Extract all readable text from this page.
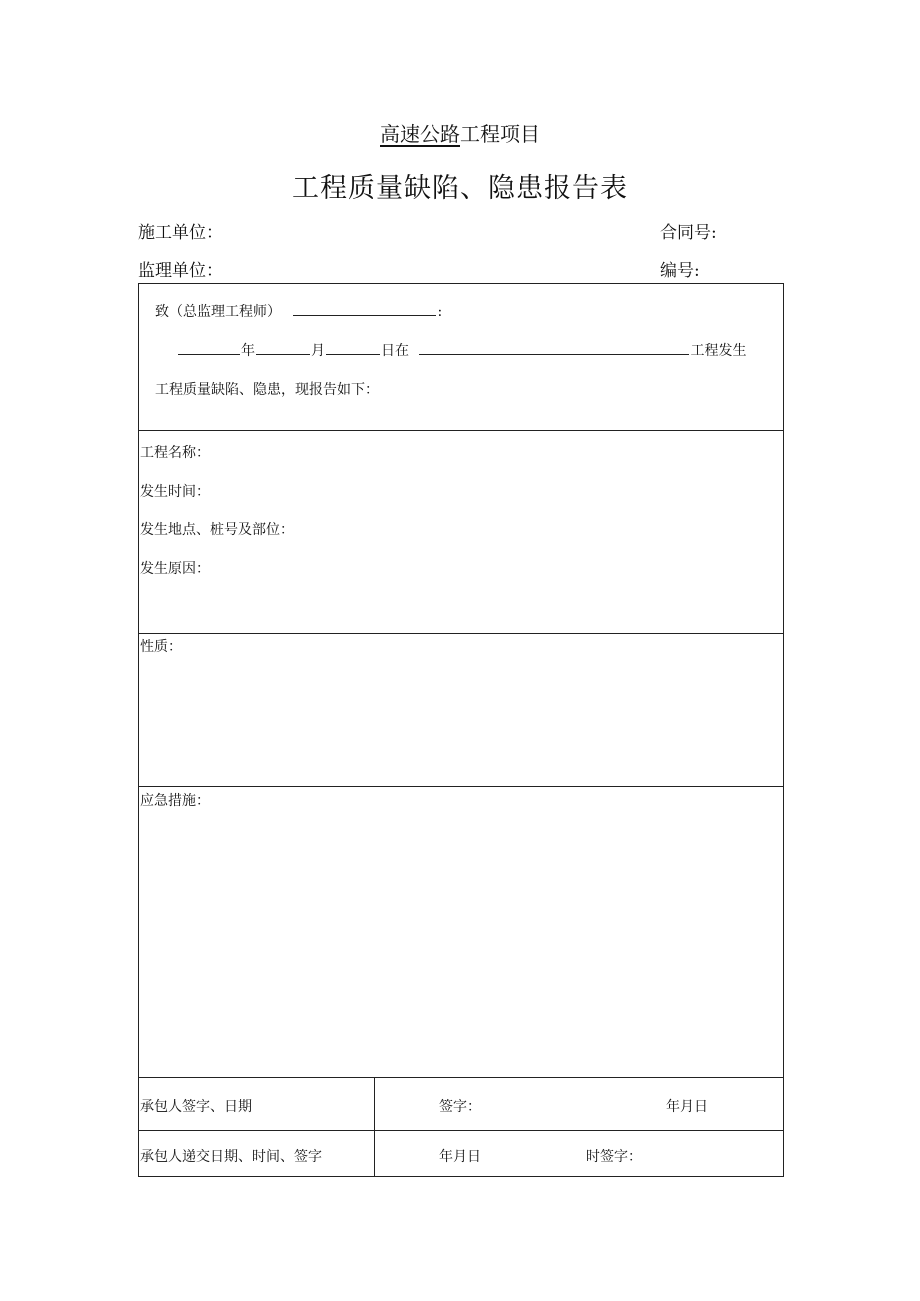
高速公路工程项目
工程质量缺陷、隐患报告表
施工单位：	合同号:
监理单位：	编号:
致（总监理工程师）	:
年	月	日在	工程发生
工程质量缺陷、隐患，现报告如下：
工程名称：
发生时间：
发生地点、桩号及部位：
发生原因：
性质：
应急措施：
承包人签字、日期	签字：	年月日
承包人递交日期、时间、签字	年月日	时签字：
